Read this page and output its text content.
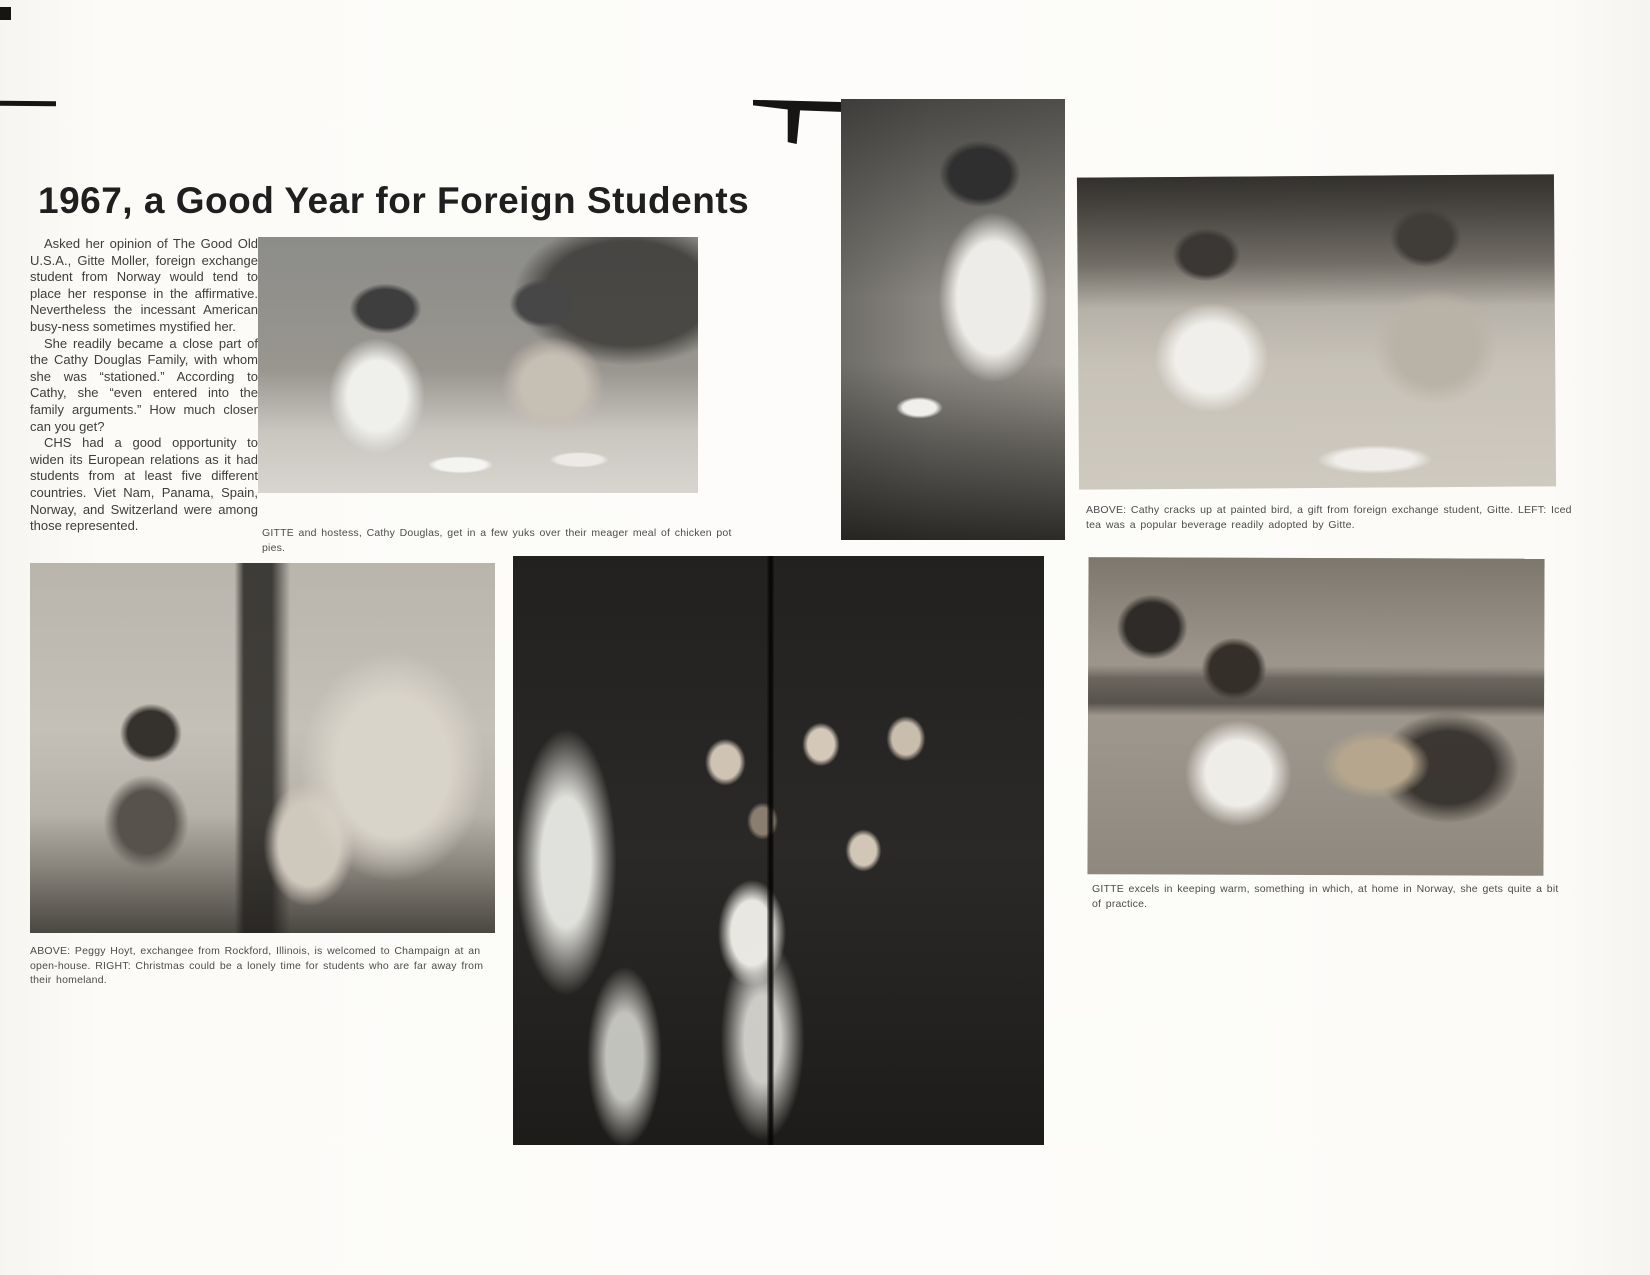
1967, a Good Year for Foreign Students

Asked her opinion of The Good Old U.S.A., Gitte Moller, foreign exchange student from Norway would tend to place her response in the affirmative. Nevertheless the incessant American busy-ness sometimes mystified her.

She readily became a close part of the Cathy Douglas Family, with whom she was “stationed.” According to Cathy, she “even entered into the family arguments.” How much closer can you get?

CHS had a good opportunity to widen its European relations as it had students from at least five different countries. Viet Nam, Panama, Spain, Norway, and Switzerland were among those represented.	GITTE and hostess, Cathy Douglas, get in a few yuks over their meager meal of chicken pot pies.

ABOVE: Cathy cracks up at painted bird, a gift from foreign exchange student, Gitte. LEFT: Iced tea was a popular beverage readily adopted by Gitte.

ABOVE: Peggy Hoyt, exchangee from Rockford, Illinois, is welcomed to Champaign at an open-house. RIGHT: Christmas could be a lonely time for students who are far away from their homeland.

GITTE excels in keeping warm, something in which, at home in Norway, she gets quite a bit of practice.
